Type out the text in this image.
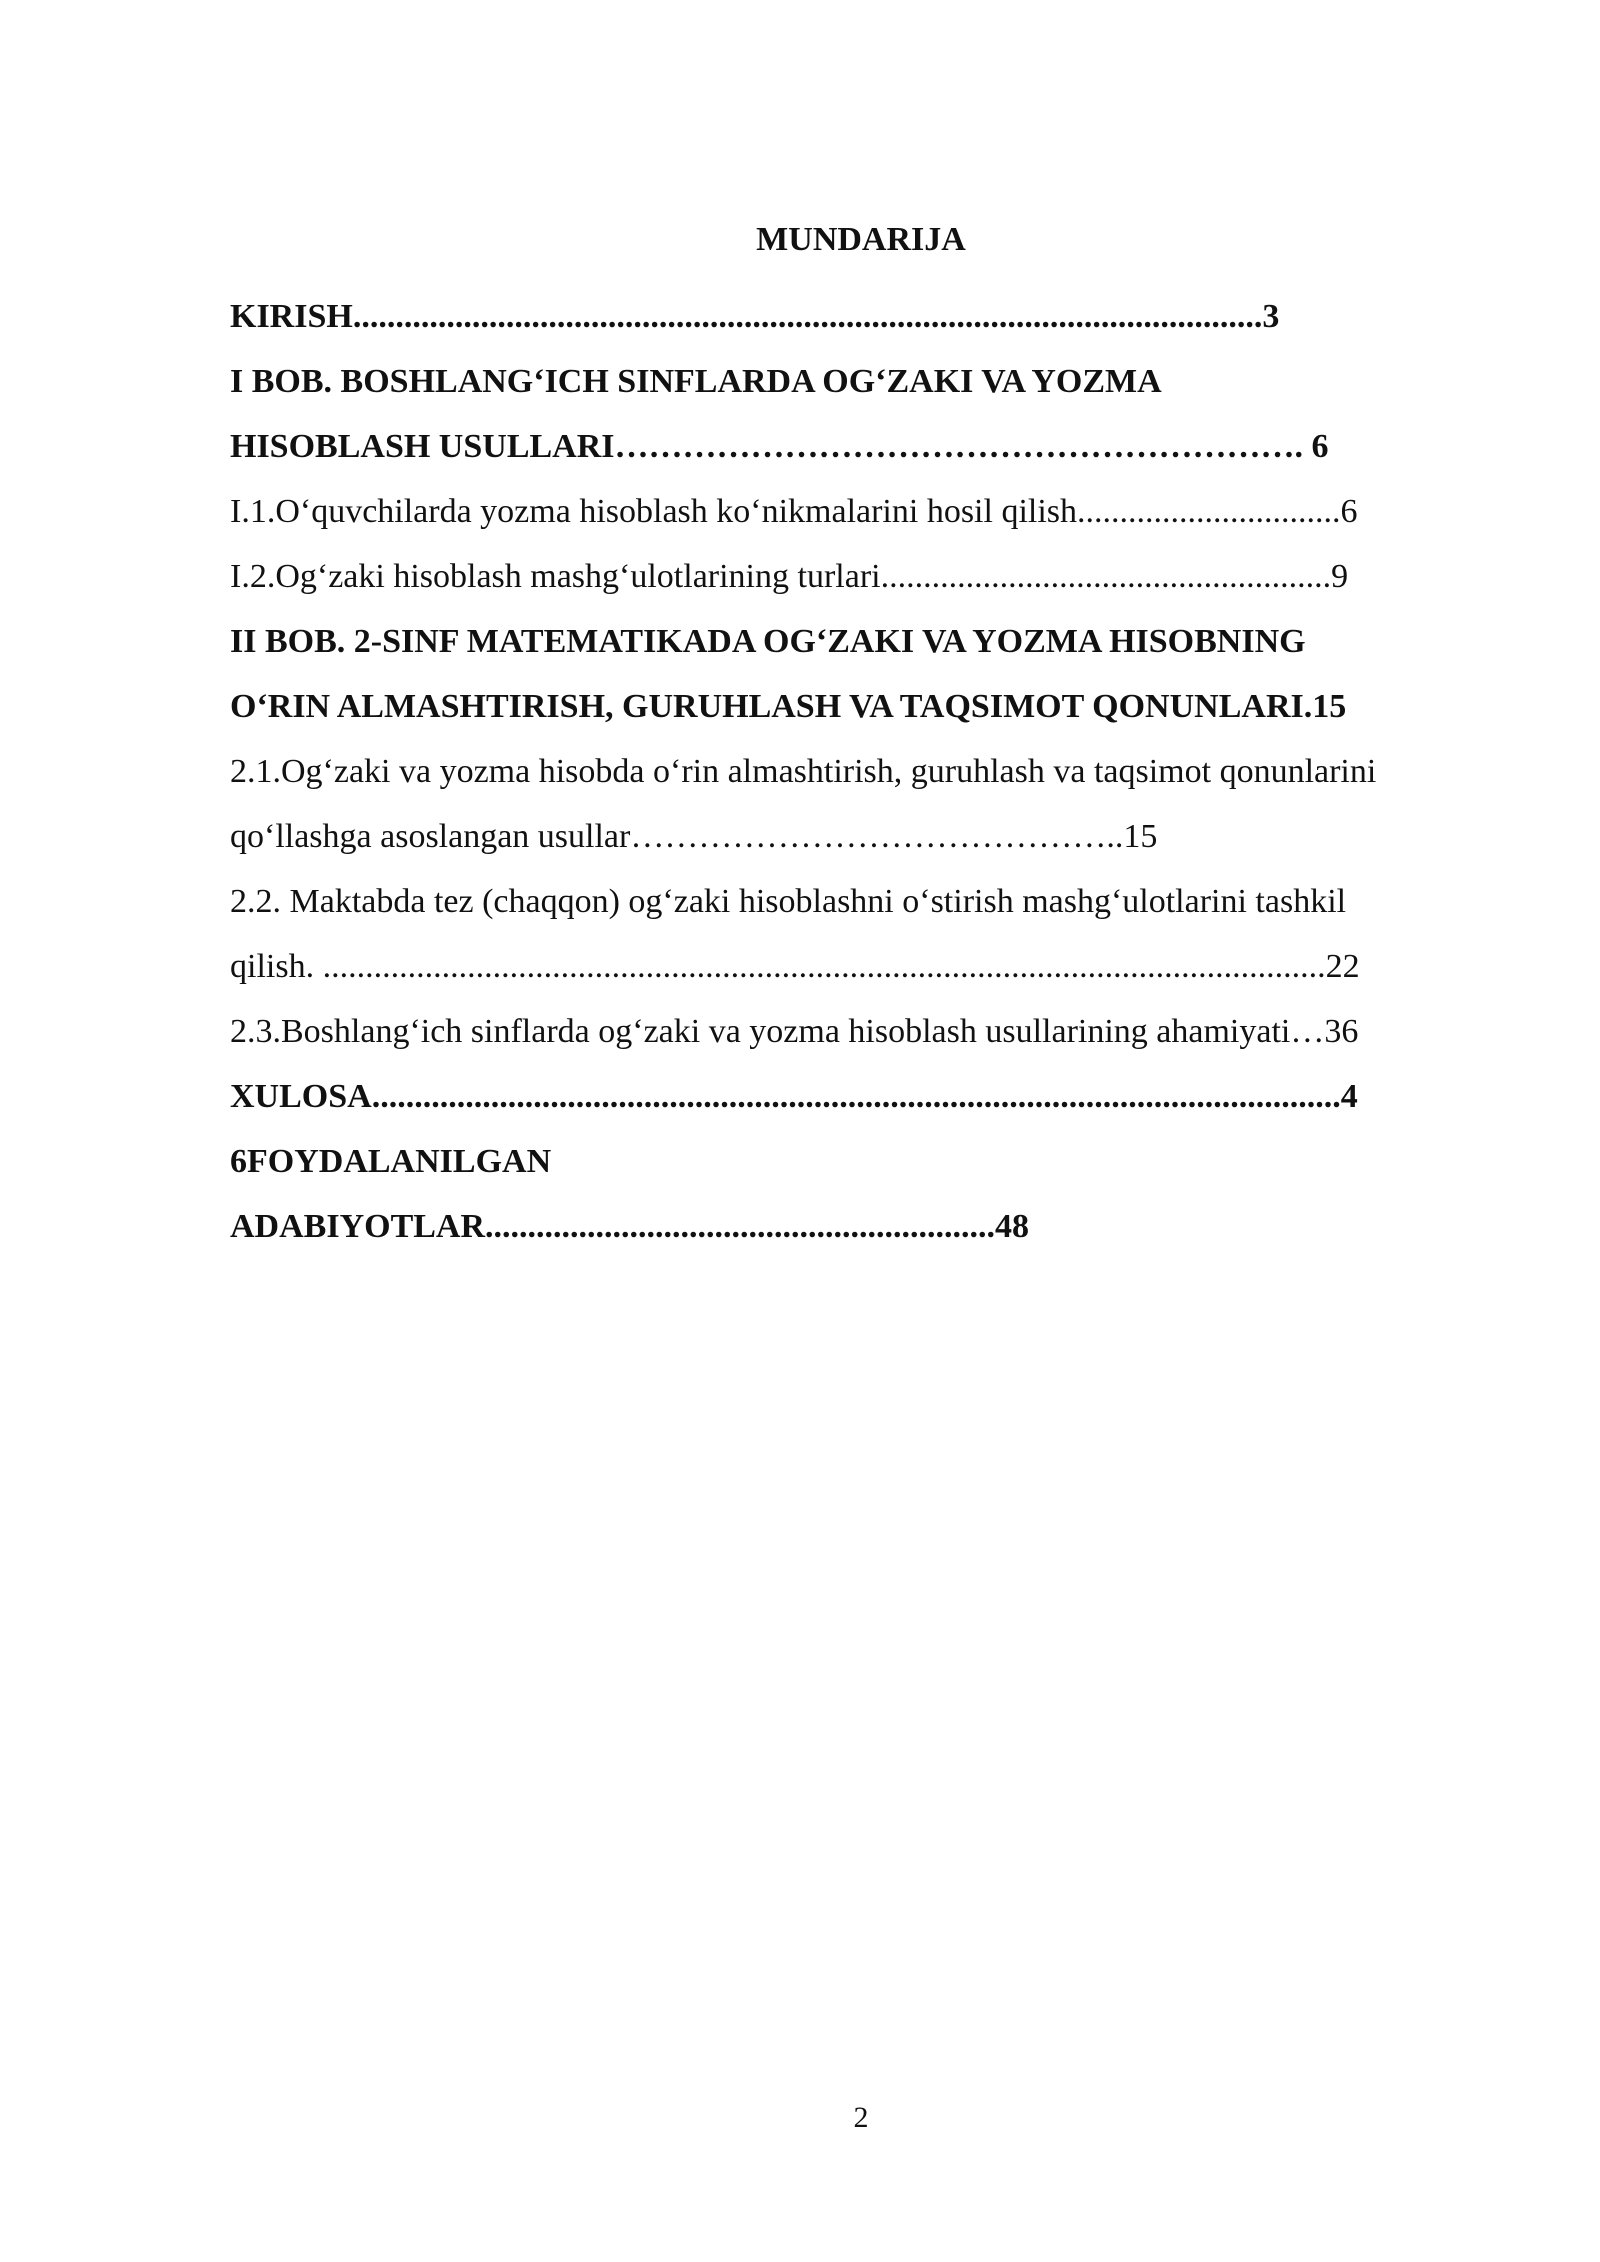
MUNDARIJA
KIRISH...........................................................................................................3
I BOB. BOSHLANG‘ICH SINFLARDA OG‘ZAKI VA YOZMA
HISOBLASH USULLARI……………………………………………………. 6
I.1.O‘quvchilarda yozma hisoblash ko‘nikmalarini hosil qilish...............................6
I.2.Og‘zaki hisoblash mashg‘ulotlarining turlari.....................................................9
II BOB. 2-SINF MATEMATIKADA OG‘ZAKI VA YOZMA HISOBNING
O‘RIN ALMASHTIRISH, GURUHLASH VA TAQSIMOT QONUNLARI.15
2.1.Og‘zaki va yozma hisobda o‘rin almashtirish, guruhlash va taqsimot qonunlarini
qo‘llashga asoslangan usullar……………………………………..15
2.2. Maktabda tez (chaqqon) og‘zaki hisoblashni o‘stirish mashg‘ulotlarini tashkil
qilish. ......................................................................................................................22
2.3.Boshlang‘ich sinflarda og‘zaki va yozma hisoblash usullarining ahamiyati…36
XULOSA..................................................................................................................4
6FOYDALANILGAN
ADABIYOTLAR............................................................48
2
